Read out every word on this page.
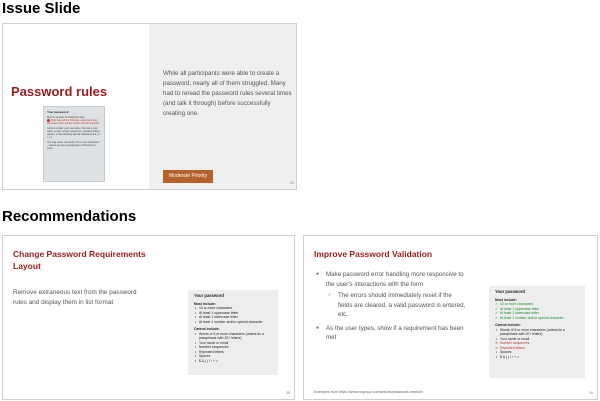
Issue Slide
Password rules
Your password
Must be at least 10 characters long
Must have all the following: uppercase letter, lowercase letter, number and/or special character
Cannot contain: your username, first name, last name, email, number sequences, repeated letters, spaces, or the following special characters $ & ( ) \ / + =
You may reuse old words of 5 or more characters – unless you use a passphrase of 20 letters or more
While all participants were able to create a password, nearly all of them struggled. Many had to reread the password rules several times (and talk it through) before successfully creating one.
Moderate Priority
22
Recommendations
Change Password Requirements Layout
Remove extraneous text from the password rules and display them in list format
Your password
Must include:
• 10 or more characters
• At least 1 uppercase letter
• At least 1 lowercase letter
• At least 1 number and/or special character
Cannot include:
• Words of 5 or more characters (unless its a passphrase with 20+ letters)
• Your name or email
• Number sequences
• Repeated letters
• Spaces
• $ & ( ) \ / + =
38
Improve Password Validation
● Make password error handling more responsive to the user's interactions with the form
○ The errors should immediately reset if the fields are cleared, a valid password is entered, etc.
● As the user types, show if a requirement has been met
Your password
Must include:
✓ 10 or more characters
✓ At least 1 uppercase letter
✓ At least 1 lowercase letter
✓ At least 1 number and/or special character
Cannot include:
• Words of 5 or more characters (unless its a passphrase with 20+ letters)
• Your name or email
✕ Number sequences
✕ Repeated letters
• Spaces
• $ & ( ) \ / + =
Examples from https://www.nngroup.com/articles/password-creation/	39
